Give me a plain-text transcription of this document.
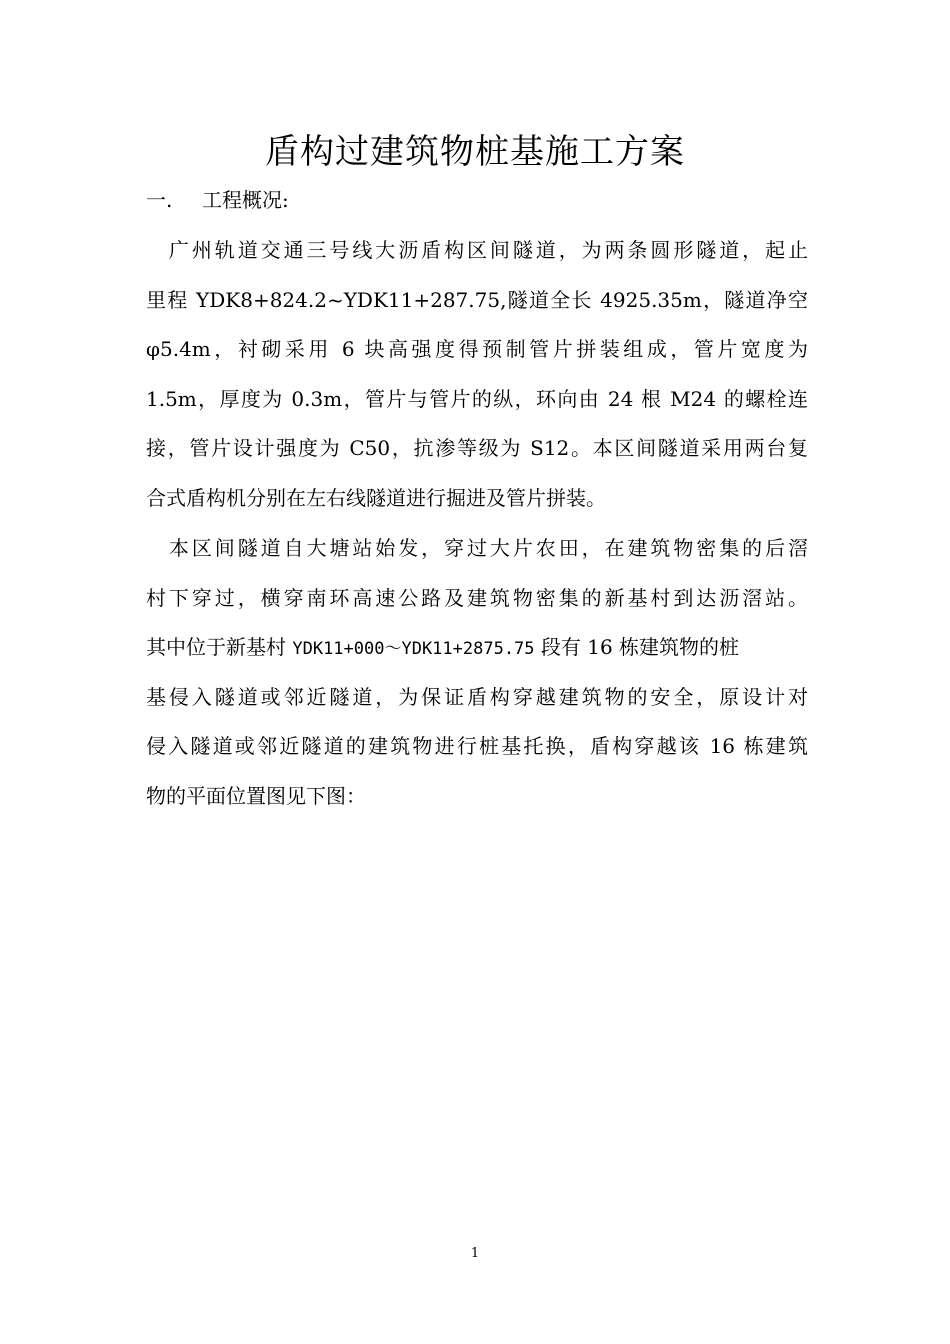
盾构过建筑物桩基施工方案
一. 工程概况:
　广州轨道交通三号线大沥盾构区间隧道，为两条圆形隧道，起止
里程 YDK8+824.2~YDK11+287.75,隧道全长 4925.35m，隧道净空
φ5.4m，衬砌采用 6 块高强度得预制管片拼装组成，管片宽度为
1.5m，厚度为 0.3m，管片与管片的纵，环向由 24 根 M24 的螺栓连
接，管片设计强度为 C50，抗渗等级为 S12。本区间隧道采用两台复
合式盾构机分别在左右线隧道进行掘进及管片拼装。
　本区间隧道自大塘站始发，穿过大片农田，在建筑物密集的后滘
村下穿过，横穿南环高速公路及建筑物密集的新基村到达沥滘站。
其中位于新基村 YDK11+000～YDK11+2875.75 段有 16 栋建筑物的桩
基侵入隧道或邻近隧道，为保证盾构穿越建筑物的安全，原设计对
侵入隧道或邻近隧道的建筑物进行桩基托换，盾构穿越该 16 栋建筑
物的平面位置图见下图：
1
